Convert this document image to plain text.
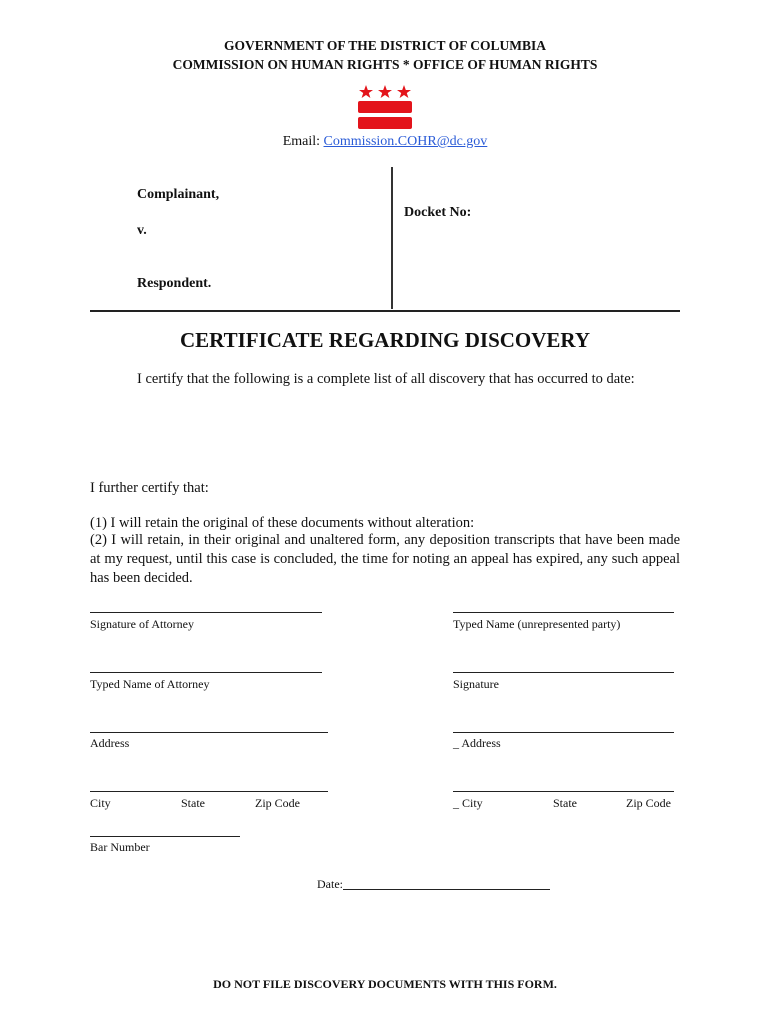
GOVERNMENT OF THE DISTRICT OF COLUMBIA
COMMISSION ON HUMAN RIGHTS * OFFICE OF HUMAN RIGHTS
Email: Commission.COHR@dc.gov
Complainant,
v.
Respondent.
Docket No:
CERTIFICATE REGARDING DISCOVERY
I certify that the following is a complete list of all discovery that has occurred to date:
I further certify that:
(1) I will retain the original of these documents without alteration:
(2) I will retain, in their original and unaltered form, any deposition transcripts that have been made at my request, until this case is concluded, the time for noting an appeal has expired, any such appeal has been decided.
Signature of Attorney
Typed Name of Attorney
Address
City	State	Zip Code
Bar Number
Typed Name (unrepresented party)
Signature
_ Address
_ City	State	Zip Code
Date:
DO NOT FILE DISCOVERY DOCUMENTS WITH THIS FORM.
